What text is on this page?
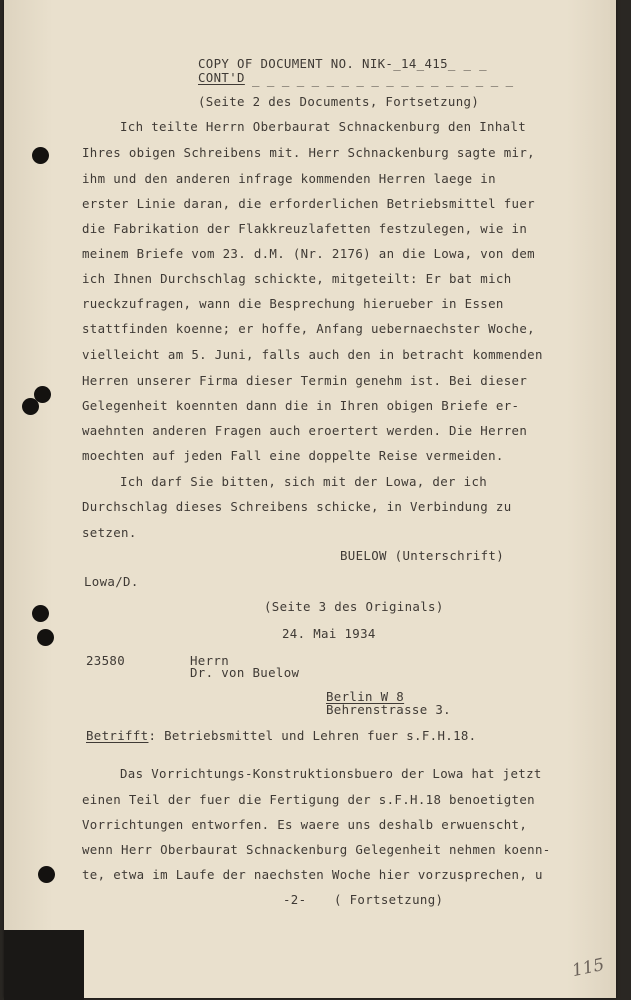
COPY OF DOCUMENT NO. NIK-_14_415_ _ _
CONT'D _ _ _ _ _ _ _ _ _ _ _ _ _ _ _ _ _ _
(Seite 2 des Documents, Fortsetzung)
Ich teilte Herrn Oberbaurat Schnackenburg den Inhalt
Ihres obigen Schreibens mit. Herr Schnackenburg sagte mir,
ihm und den anderen infrage kommenden Herren laege in
erster Linie daran, die erforderlichen Betriebsmittel fuer
die Fabrikation der Flakkreuzlafetten festzulegen, wie in
meinem Briefe vom 23. d.M. (Nr. 2176) an die Lowa, von dem
ich Ihnen Durchschlag schickte, mitgeteilt: Er bat mich
rueckzufragen, wann die Besprechung hierueber in Essen
stattfinden koenne; er hoffe, Anfang uebernaechster Woche,
vielleicht am 5. Juni, falls auch den in betracht kommenden
Herren unserer Firma dieser Termin genehm ist. Bei dieser
Gelegenheit koennten dann die in Ihren obigen Briefe er-
waehnten anderen Fragen auch eroertert werden. Die Herren
moechten auf jeden Fall eine doppelte Reise vermeiden.
Ich darf Sie bitten, sich mit der Lowa, der ich
Durchschlag dieses Schreibens schicke, in Verbindung zu
setzen.
BUELOW (Unterschrift)
Lowa/D.
(Seite 3 des Originals)
24. Mai 1934
23580	Herrn
Dr. von Buelow
Berlin W 8
Behrenstrasse 3.
Betrifft: Betriebsmittel und Lehren fuer s.F.H.18.
Das Vorrichtungs-Konstruktionsbuero der Lowa hat jetzt
einen Teil der fuer die Fertigung der s.F.H.18 benoetigten
Vorrichtungen entworfen. Es waere uns deshalb erwuenscht,
wenn Herr Oberbaurat Schnackenburg Gelegenheit nehmen koenn-
te, etwa im Laufe der naechsten Woche hier vorzusprechen, u
-2- ( Fortsetzung)
115
